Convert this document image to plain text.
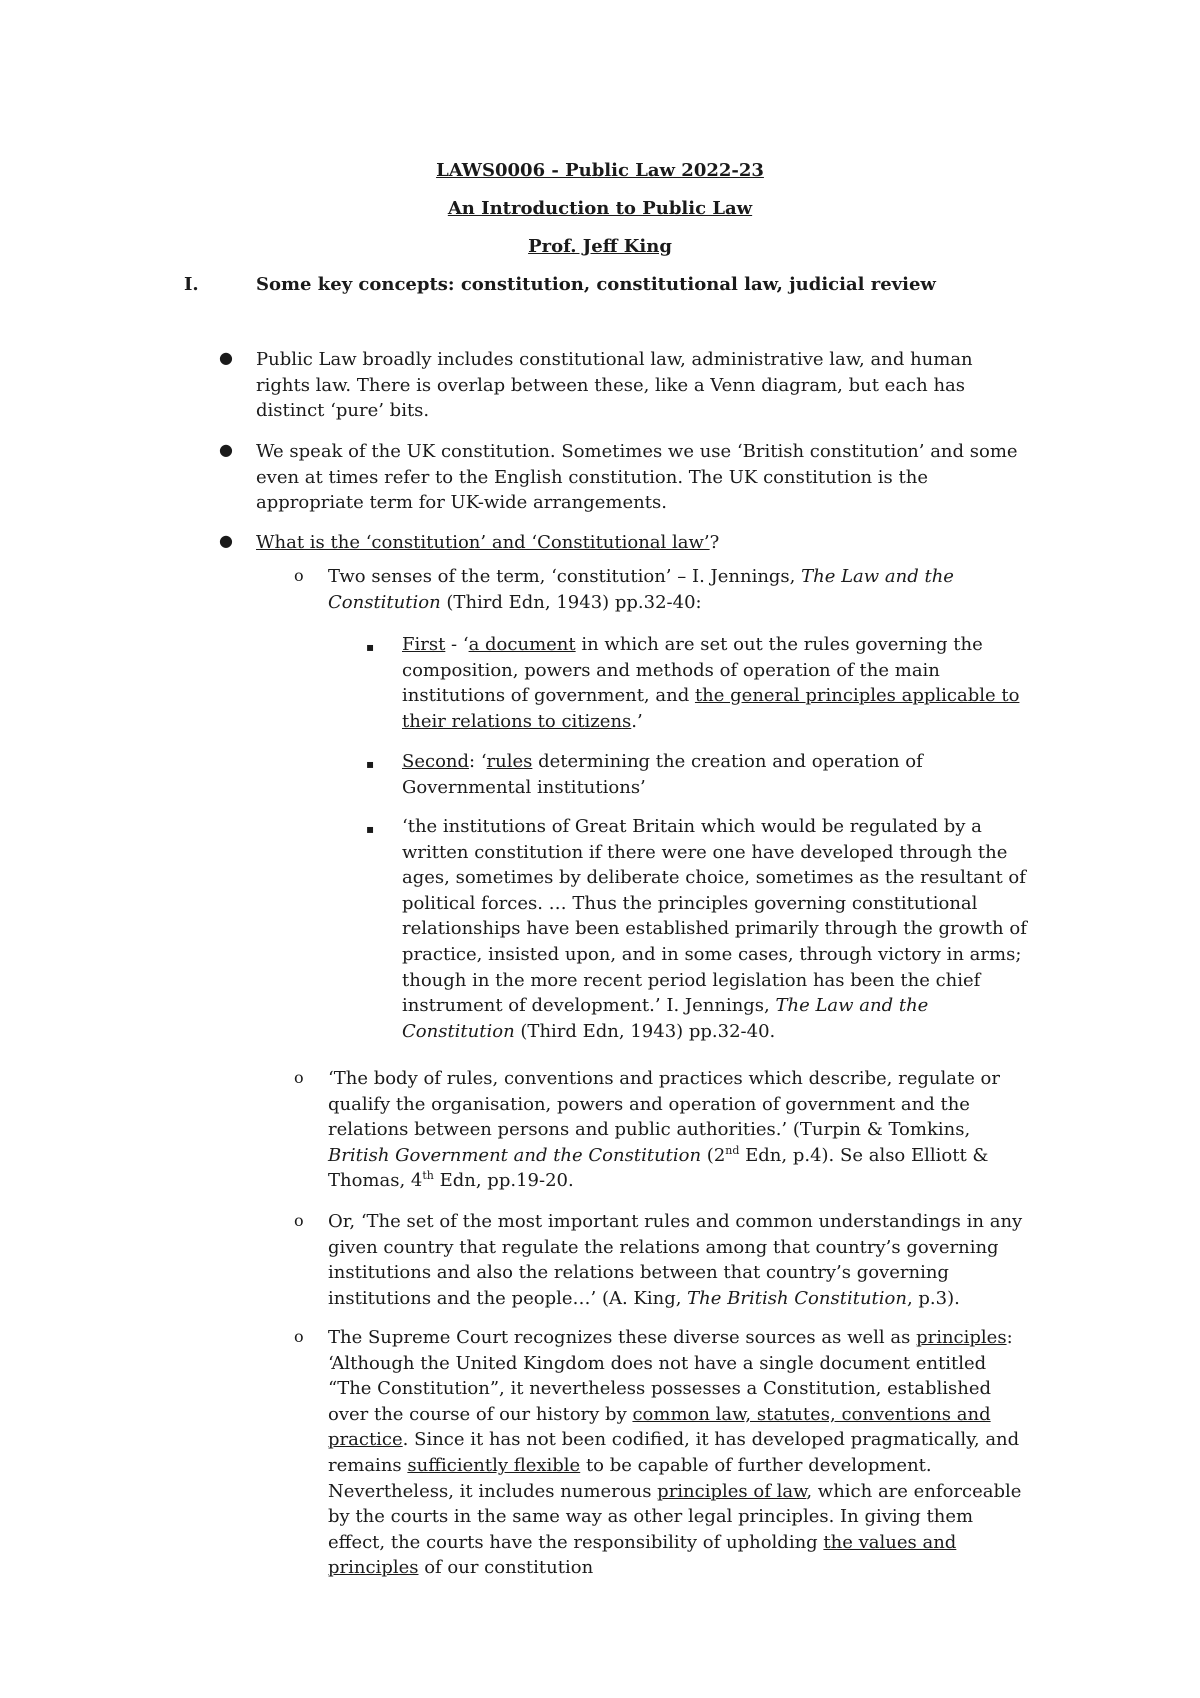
LAWS0006 - Public Law 2022-23
An Introduction to Public Law
Prof. Jeff King
I.	Some key concepts: constitution, constitutional law, judicial review
● Public Law broadly includes constitutional law, administrative law, and human rights law. There is overlap between these, like a Venn diagram, but each has distinct ‘pure’ bits.

● We speak of the UK constitution. Sometimes we use ‘British constitution’ and some even at times refer to the English constitution. The UK constitution is the appropriate term for UK-wide arrangements.

● What is the ‘constitution’ and ‘Constitutional law’?

o Two senses of the term, ‘constitution’ – I. Jennings, The Law and the Constitution (Third Edn, 1943) pp.32-40:

▪ First - ‘a document in which are set out the rules governing the composition, powers and methods of operation of the main institutions of government, and the general principles applicable to their relations to citizens.’

▪ Second: ‘rules determining the creation and operation of Governmental institutions’

▪ ‘the institutions of Great Britain which would be regulated by a written constitution if there were one have developed through the ages, sometimes by deliberate choice, sometimes as the resultant of political forces. … Thus the principles governing constitutional relationships have been established primarily through the growth of practice, insisted upon, and in some cases, through victory in arms; though in the more recent period legislation has been the chief instrument of development.’ I. Jennings, The Law and the Constitution (Third Edn, 1943) pp.32-40.

o ‘The body of rules, conventions and practices which describe, regulate or qualify the organisation, powers and operation of government and the relations between persons and public authorities.’ (Turpin & Tomkins, British Government and the Constitution (2nd Edn, p.4). Se also Elliott & Thomas, 4th Edn, pp.19-20.

o Or, ‘The set of the most important rules and common understandings in any given country that regulate the relations among that country’s governing institutions and also the relations between that country’s governing institutions and the people…’ (A. King, The British Constitution, p.3).

o The Supreme Court recognizes these diverse sources as well as principles: ‘Although the United Kingdom does not have a single document entitled “The Constitution”, it nevertheless possesses a Constitution, established over the course of our history by common law, statutes, conventions and practice. Since it has not been codified, it has developed pragmatically, and remains sufficiently flexible to be capable of further development. Nevertheless, it includes numerous principles of law, which are enforceable by the courts in the same way as other legal principles. In giving them effect, the courts have the responsibility of upholding the values and principles of our constitution
